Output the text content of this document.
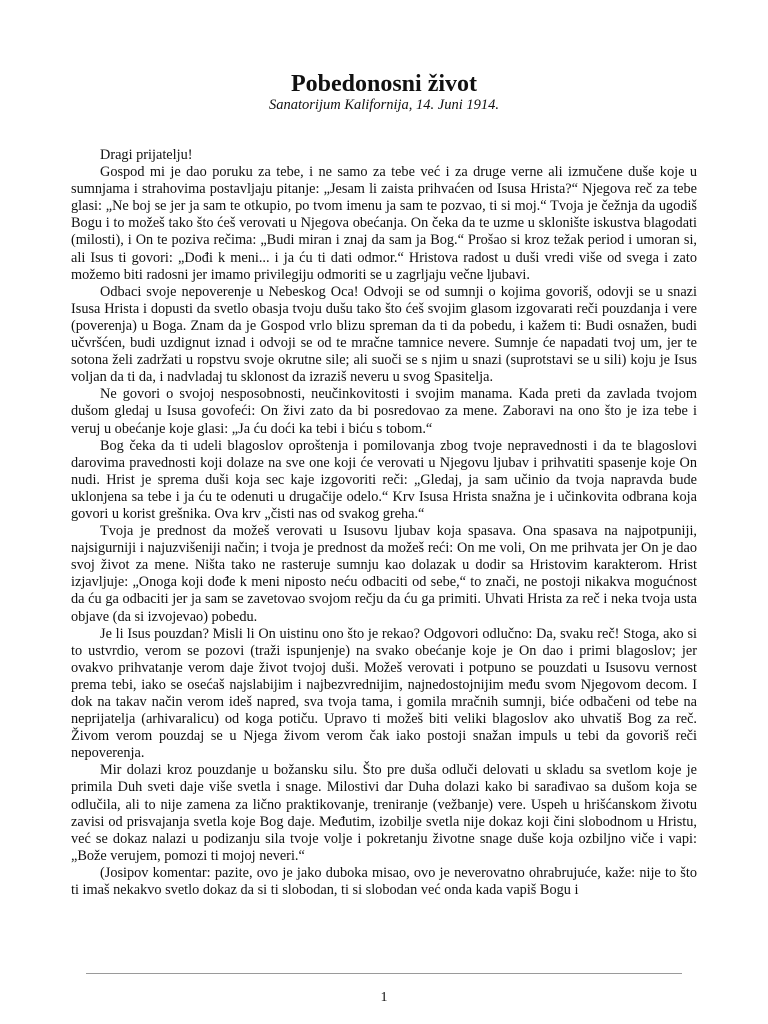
Pobedonosni život
Sanatorijum Kalifornija, 14. Juni 1914.

Dragi prijatelju!

Gospod mi je dao poruku za tebe, i ne samo za tebe već i za druge verne ali izmučene duše koje u sumnjama i strahovima postavljaju pitanje: „Jesam li zaista prihvaćen od Isusa Hrista?“ Njegova reč za tebe glasi: „Ne boj se jer ja sam te otkupio, po tvom imenu ja sam te pozvao, ti si moj.“ Tvoja je čežnja da ugodiš Bogu i to možeš tako što ćeš verovati u Njegova obećanja. On čeka da te uzme u sklonište iskustva blagodati (milosti), i On te poziva rečima: „Budi miran i znaj da sam ja Bog.“ Prošao si kroz težak period i umoran si, ali Isus ti govori: „Dođi k meni... i ja ću ti dati odmor.“ Hristova radost u duši vredi više od svega i zato možemo biti radosni jer imamo privilegiju odmoriti se u zagrljaju večne ljubavi.

Odbaci svoje nepoverenje u Nebeskog Oca! Odvoji se od sumnji o kojima govoriš, odovji se u snazi Isusa Hrista i dopusti da svetlo obasja tvoju dušu tako što ćeš svojim glasom izgovarati reči pouzdanja i vere (poverenja) u Boga. Znam da je Gospod vrlo blizu spreman da ti da pobedu, i kažem ti: Budi osnažen, budi učvršćen, budi uzdignut iznad i odvoji se od te mračne tamnice nevere. Sumnje će napadati tvoj um, jer te sotona želi zadržati u ropstvu svoje okrutne sile; ali suoči se s njim u snazi (suprotstavi se u sili) koju je Isus voljan da ti da, i nadvladaj tu sklonost da izraziš neveru u svog Spasitelja.

Ne govori o svojoj nesposobnosti, neučinkovitosti i svojim manama. Kada preti da zavlada tvojom dušom gledaj u Isusa govofeći: On živi zato da bi posredovao za mene. Zaboravi na ono što je iza tebe i veruj u obećanje koje glasi: „Ja ću doći ka tebi i biću s tobom.“

Bog čeka da ti udeli blagoslov oproštenja i pomilovanja zbog tvoje nepravednosti i da te blagoslovi darovima pravednosti koji dolaze na sve one koji će verovati u Njegovu ljubav i prihvatiti spasenje koje On nudi. Hrist je sprema duši koja sec kaje izgovoriti reči: „Gledaj, ja sam učinio da tvoja napravda bude uklonjena sa tebe i ja ću te odenuti u drugačije odelo.“ Krv Isusa Hrista snažna je i učinkovita odbrana koja govori u korist grešnika. Ova krv „čisti nas od svakog greha.“

Tvoja je prednost da možeš verovati u Isusovu ljubav koja spasava. Ona spasava na najpotpuniji, najsigurniji i najuzvišeniji način; i tvoja je prednost da možeš reći: On me voli, On me prihvata jer On je dao svoj život za mene. Ništa tako ne rasteruje sumnju kao dolazak u dodir sa Hristovim karakterom. Hrist izjavljuje: „Onoga koji dođe k meni niposto neću odbaciti od sebe,“ to znači, ne postoji nikakva mogućnost da ću ga odbaciti jer ja sam se zavetovao svojom rečju da ću ga primiti. Uhvati Hrista za reč i neka tvoja usta objave (da si izvojevao) pobedu.

Je li Isus pouzdan? Misli li On uistinu ono što je rekao? Odgovori odlučno: Da, svaku reč! Stoga, ako si to ustvrdio, verom se pozovi (traži ispunjenje) na svako obećanje koje je On dao i primi blagoslov; jer ovakvo prihvatanje verom daje život tvojoj duši. Možeš verovati i potpuno se pouzdati u Isusovu vernost prema tebi, iako se osećaš najslabijim i najbezvrednijim, najnedostojnijim među svom Njegovom decom. I dok na takav način verom ideš napred, sva tvoja tama, i gomila mračnih sumnji, biće odbačeni od tebe na neprijatelja (arhivaralicu) od koga potiču. Upravo ti možeš biti veliki blagoslov ako uhvatiš Bog za reč. Živom verom pouzdaj se u Njega živom verom čak iako postoji snažan impuls u tebi da govoriš reči nepoverenja.

Mir dolazi kroz pouzdanje u božansku silu. Što pre duša odluči delovati u skladu sa svetlom koje je primila Duh sveti daje više svetla i snage. Milostivi dar Duha dolazi kako bi sarađivao sa dušom koja se odlučila, ali to nije zamena za lično praktikovanje, treniranje (vežbanje) vere. Uspeh u hrišćanskom životu zavisi od prisvajanja svetla koje Bog daje. Međutim, izobilje svetla nije dokaz koji čini slobodnom u Hristu, već se dokaz nalazi u podizanju sila tvoje volje i pokretanju životne snage duše koja ozbiljno viče i vapi: „Bože verujem, pomozi ti mojoj neveri.“

(Josipov komentar: pazite, ovo je jako duboka misao, ovo je neverovatno ohrabrujuće, kaže: nije to što ti imaš nekakvo svetlo dokaz da si ti slobodan, ti si slobodan već onda kada vapiš Bogu i

1
